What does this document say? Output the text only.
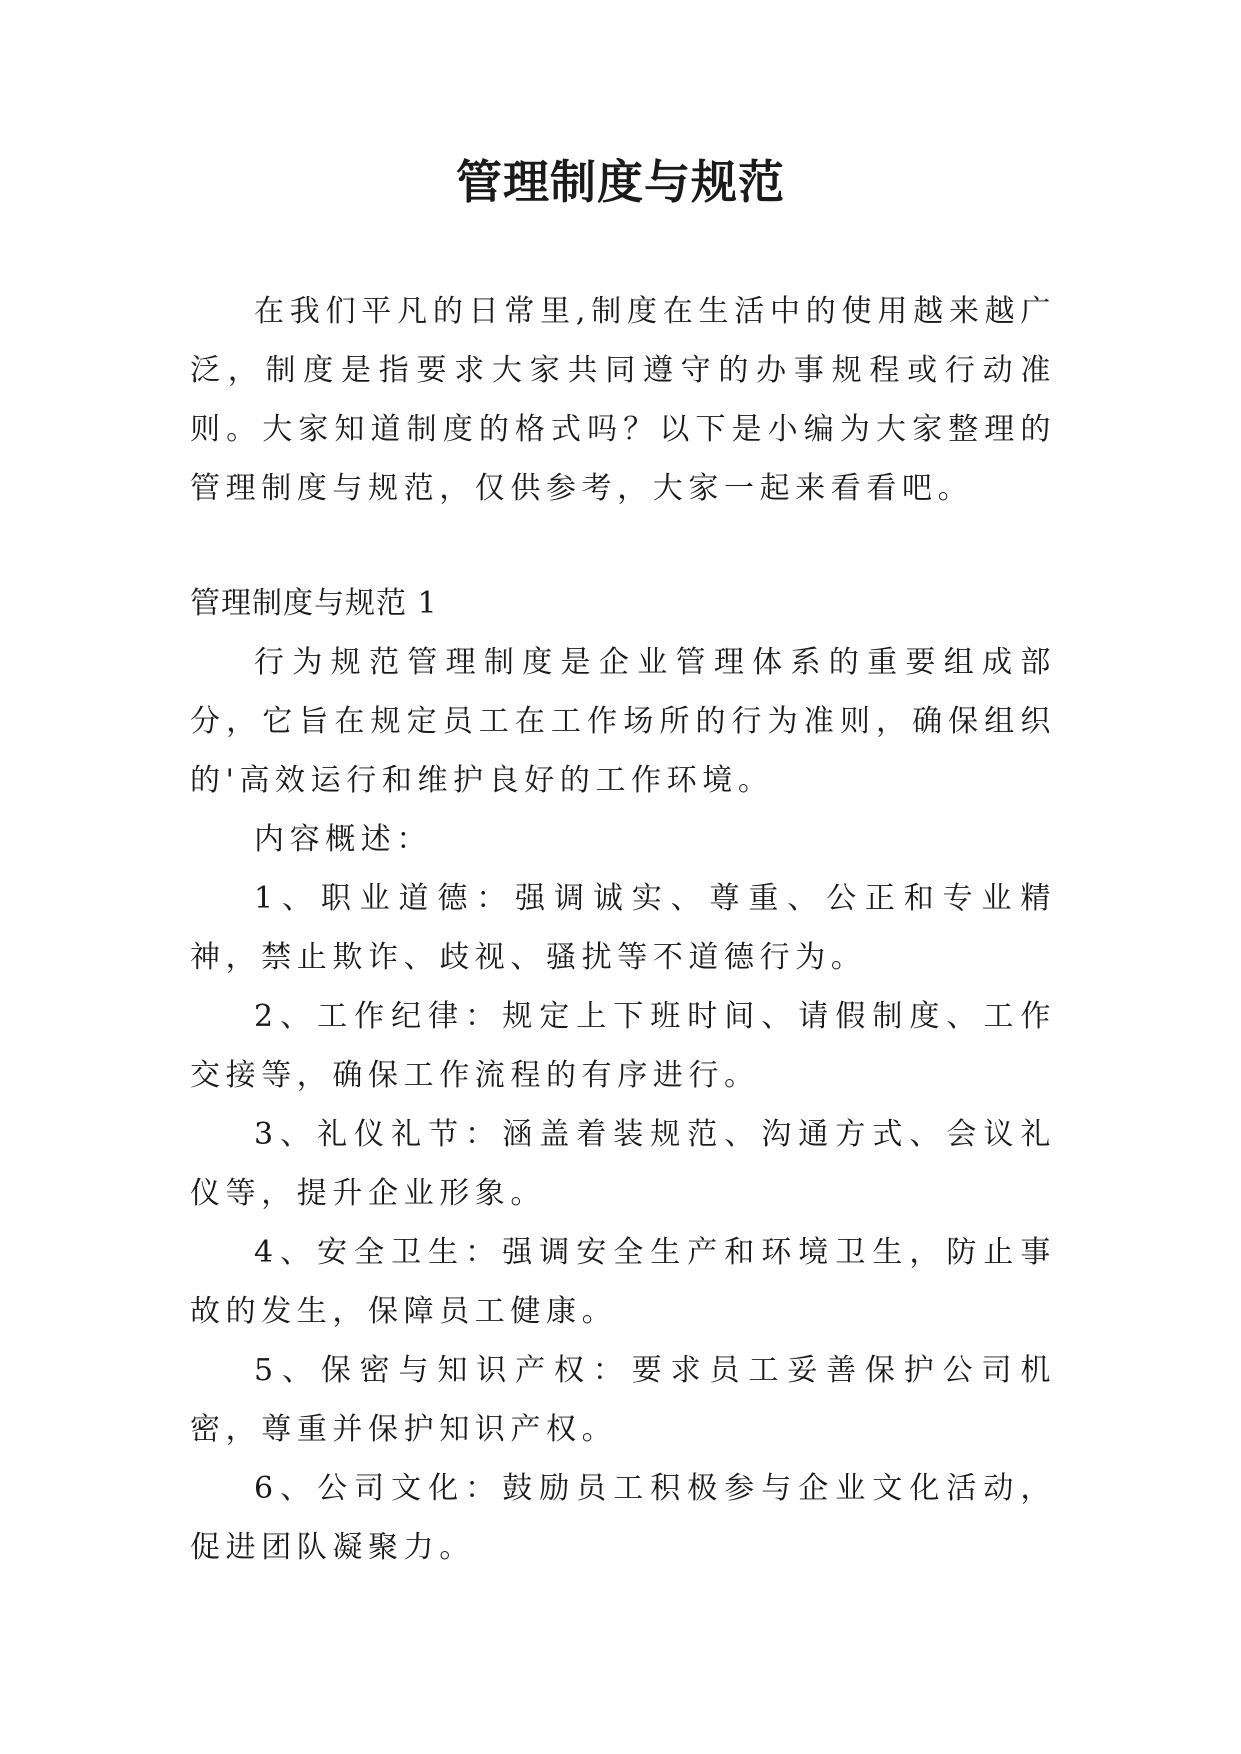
管理制度与规范

在我们平凡的日常里,制度在生活中的使用越来越广泛，制度是指要求大家共同遵守的办事规程或行动准则。大家知道制度的格式吗？以下是小编为大家整理的管理制度与规范，仅供参考，大家一起来看看吧。

管理制度与规范 1

行为规范管理制度是企业管理体系的重要组成部分，它旨在规定员工在工作场所的行为准则，确保组织的'高效运行和维护良好的工作环境。

内容概述：

1、职业道德：强调诚实、尊重、公正和专业精神，禁止欺诈、歧视、骚扰等不道德行为。

2、工作纪律：规定上下班时间、请假制度、工作交接等，确保工作流程的有序进行。

3、礼仪礼节：涵盖着装规范、沟通方式、会议礼仪等，提升企业形象。

4、安全卫生：强调安全生产和环境卫生，防止事故的发生，保障员工健康。

5、保密与知识产权：要求员工妥善保护公司机密，尊重并保护知识产权。

6、公司文化：鼓励员工积极参与企业文化活动，促进团队凝聚力。
